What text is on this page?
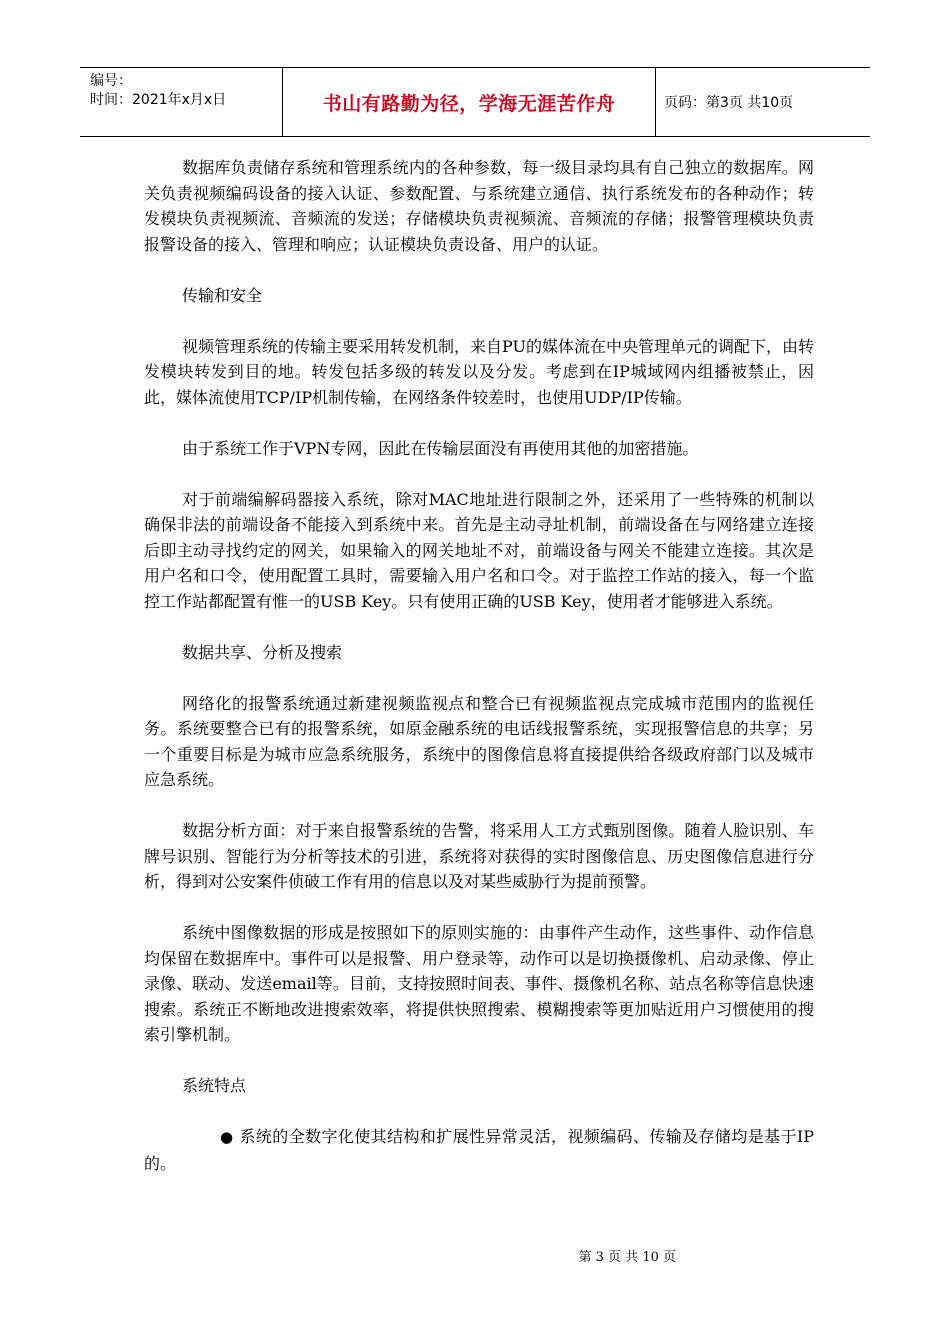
编号：
时间：2021年x月x日	书山有路勤为径，学海无涯苦作舟	页码：第3页 共10页

数据库负责储存系统和管理系统内的各种参数，每一级目录均具有自己独立的数据库。网关负责视频编码设备的接入认证、参数配置、与系统建立通信、执行系统发布的各种动作；转发模块负责视频流、音频流的发送；存储模块负责视频流、音频流的存储；报警管理模块负责报警设备的接入、管理和响应；认证模块负责设备、用户的认证。

传输和安全

视频管理系统的传输主要采用转发机制，来自PU的媒体流在中央管理单元的调配下，由转发模块转发到目的地。转发包括多级的转发以及分发。考虑到在IP城域网内组播被禁止，因此，媒体流使用TCP/IP机制传输，在网络条件较差时，也使用UDP/IP传输。

由于系统工作于VPN专网，因此在传输层面没有再使用其他的加密措施。

对于前端编解码器接入系统，除对MAC地址进行限制之外，还采用了一些特殊的机制以确保非法的前端设备不能接入到系统中来。首先是主动寻址机制，前端设备在与网络建立连接后即主动寻找约定的网关，如果输入的网关地址不对，前端设备与网关不能建立连接。其次是用户名和口令，使用配置工具时，需要输入用户名和口令。对于监控工作站的接入，每一个监控工作站都配置有惟一的USB Key。只有使用正确的USB Key，使用者才能够进入系统。

数据共享、分析及搜索

网络化的报警系统通过新建视频监视点和整合已有视频监视点完成城市范围内的监视任务。系统要整合已有的报警系统，如原金融系统的电话线报警系统，实现报警信息的共享；另一个重要目标是为城市应急系统服务，系统中的图像信息将直接提供给各级政府部门以及城市应急系统。

数据分析方面：对于来自报警系统的告警，将采用人工方式甄别图像。随着人脸识别、车牌号识别、智能行为分析等技术的引进，系统将对获得的实时图像信息、历史图像信息进行分析，得到对公安案件侦破工作有用的信息以及对某些威胁行为提前预警。

系统中图像数据的形成是按照如下的原则实施的：由事件产生动作，这些事件、动作信息均保留在数据库中。事件可以是报警、用户登录等，动作可以是切换摄像机、启动录像、停止录像、联动、发送email等。目前，支持按照时间表、事件、摄像机名称、站点名称等信息快速搜索。系统正不断地改进搜索效率，将提供快照搜索、模糊搜索等更加贴近用户习惯使用的搜索引擎机制。

系统特点

● 系统的全数字化使其结构和扩展性异常灵活，视频编码、传输及存储均是基于IP的。

第 3 页 共 10 页
